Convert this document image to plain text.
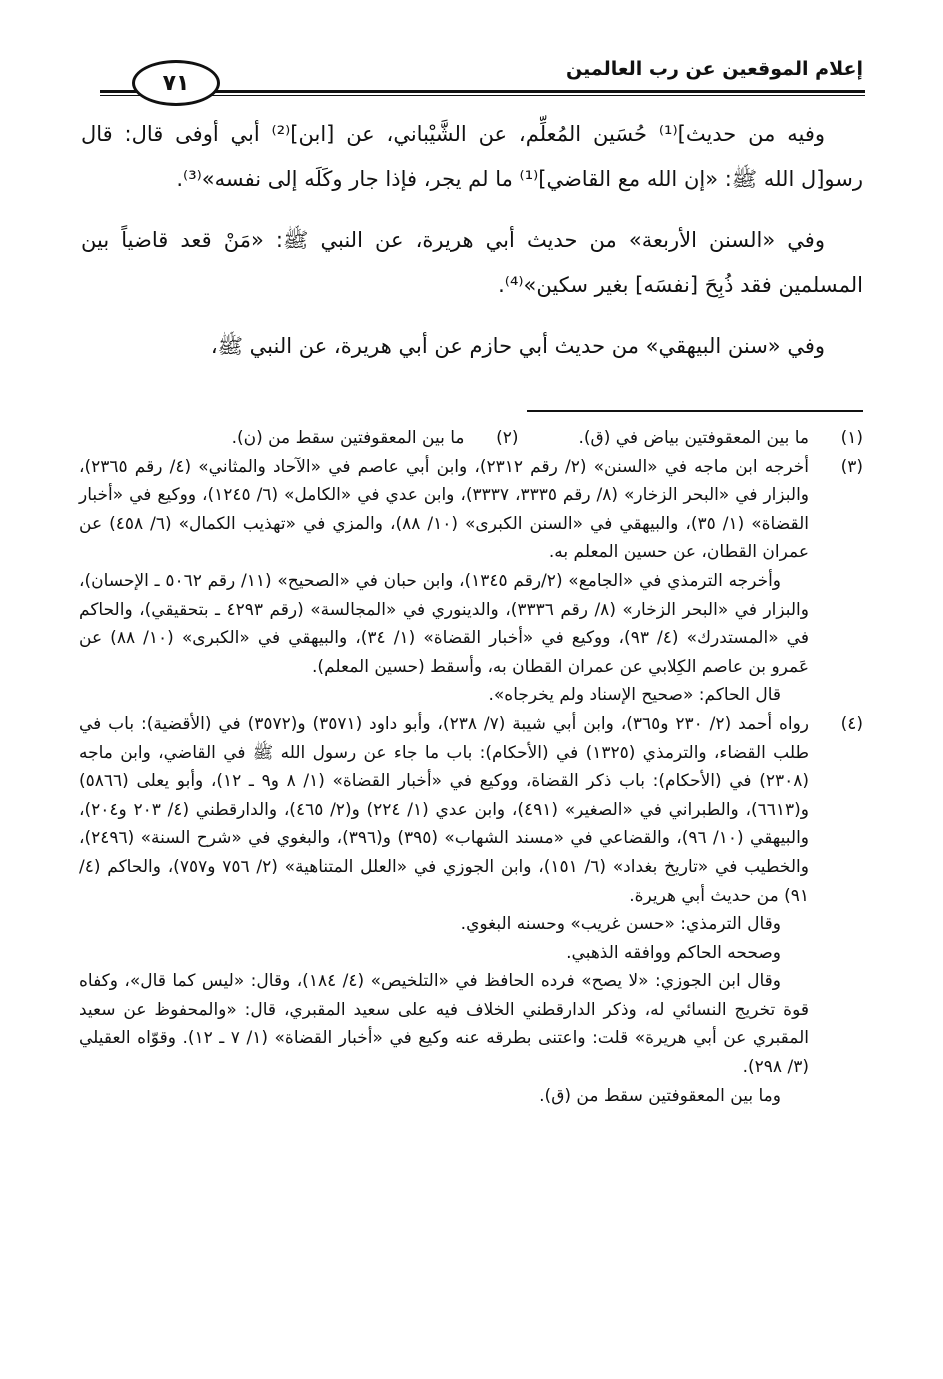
إعلام الموقعين عن رب العالمين
٧١

وفيه من حديث]⁽¹⁾ حُسَين المُعلِّم، عن الشَّيْباني، عن [ابن]⁽²⁾ أبي أوفى قال: قال رسو[ل الله ﷺ: «إن الله مع القاضي]⁽¹⁾ ما لم يجر، فإذا جار وكَلَه إلى نفسه»⁽³⁾.

وفي «السنن الأربعة» من حديث أبي هريرة، عن النبي ﷺ: «مَنْ قعد قاضياً بين المسلمين فقد ذُبِحَ [نفسَه] بغير سكين»⁽⁴⁾.

وفي «سنن البيهقي» من حديث أبي حازم عن أبي هريرة، عن النبي ﷺ،

(١)
ما بين المعقوفتين بياض في (ق).
(٢)
ما بين المعقوفتين سقط من (ن).
(٣)

أخرجه ابن ماجه في «السنن» (٢/ رقم ٢٣١٢)، وابن أبي عاصم في «الآحاد والمثاني» (٤/ رقم ٢٣٦٥)، والبزار في «البحر الزخار» (٨/ رقم ٣٣٣٥، ٣٣٣٧)، وابن عدي في «الكامل» (٦/ ١٢٤٥)، ووكيع في «أخبار القضاة» (١/ ٣٥)، والبيهقي في «السنن الكبرى» (١٠/ ٨٨)، والمزي في «تهذيب الكمال» (٦/ ٤٥٨) عن عمران القطان، عن حسين المعلم به.

وأخرجه الترمذي في «الجامع» (٢/رقم ١٣٤٥)، وابن حبان في «الصحيح» (١١/ رقم ٥٠٦٢ ـ الإحسان)، والبزار في «البحر الزخار» (٨/ رقم ٣٣٣٦)، والدينوري في «المجالسة» (رقم ٤٢٩٣ ـ بتحقيقي)، والحاكم في «المستدرك» (٤/ ٩٣)، ووكيع في «أخبار القضاة» (١/ ٣٤)، والبيهقي في «الكبرى» (١٠/ ٨٨) عن عَمرو بن عاصم الكِلابي عن عمران القطان به، وأسقط (حسين المعلم).

قال الحاكم: «صحيح الإسناد ولم يخرجاه».

(٤)

رواه أحمد (٢/ ٢٣٠ و٣٦٥)، وابن أبي شيبة (٧/ ٢٣٨)، وأبو داود (٣٥٧١) و(٣٥٧٢) في (الأقضية): باب في طلب القضاء، والترمذي (١٣٢٥) في (الأحكام): باب ما جاء عن رسول الله ﷺ في القاضي، وابن ماجه (٢٣٠٨) في (الأحكام): باب ذكر القضاة، ووكيع في «أخبار القضاة» (١/ ٨ و٩ ـ ١٢)، وأبو يعلى (٥٨٦٦) و(٦٦١٣)، والطبراني في «الصغير» (٤٩١)، وابن عدي (١/ ٢٢٤) و(٢/ ٤٦٥)، والدارقطني (٤/ ٢٠٣ و٢٠٤)، والبيهقي (١٠/ ٩٦)، والقضاعي في «مسند الشهاب» (٣٩٥) و(٣٩٦)، والبغوي في «شرح السنة» (٢٤٩٦)، والخطيب في «تاريخ بغداد» (٦/ ١٥١)، وابن الجوزي في «العلل المتناهية» (٢/ ٧٥٦ و٧٥٧)، والحاكم (٤/ ٩١) من حديث أبي هريرة.

وقال الترمذي: «حسن غريب» وحسنه البغوي.

وصححه الحاكم ووافقه الذهبي.

وقال ابن الجوزي: «لا يصح» فرده الحافظ في «التلخيص» (٤/ ١٨٤)، وقال: «ليس كما قال»، وكفاه قوة تخريج النسائي له، وذكر الدارقطني الخلاف فيه على سعيد المقبري، قال: «والمحفوظ عن سعيد المقبري عن أبي هريرة» قلت: واعتنى بطرقه عنه وكيع في «أخبار القضاة» (١/ ٧ ـ ١٢). وقوّاه العقيلي (٣/ ٢٩٨).

وما بين المعقوفتين سقط من (ق).
